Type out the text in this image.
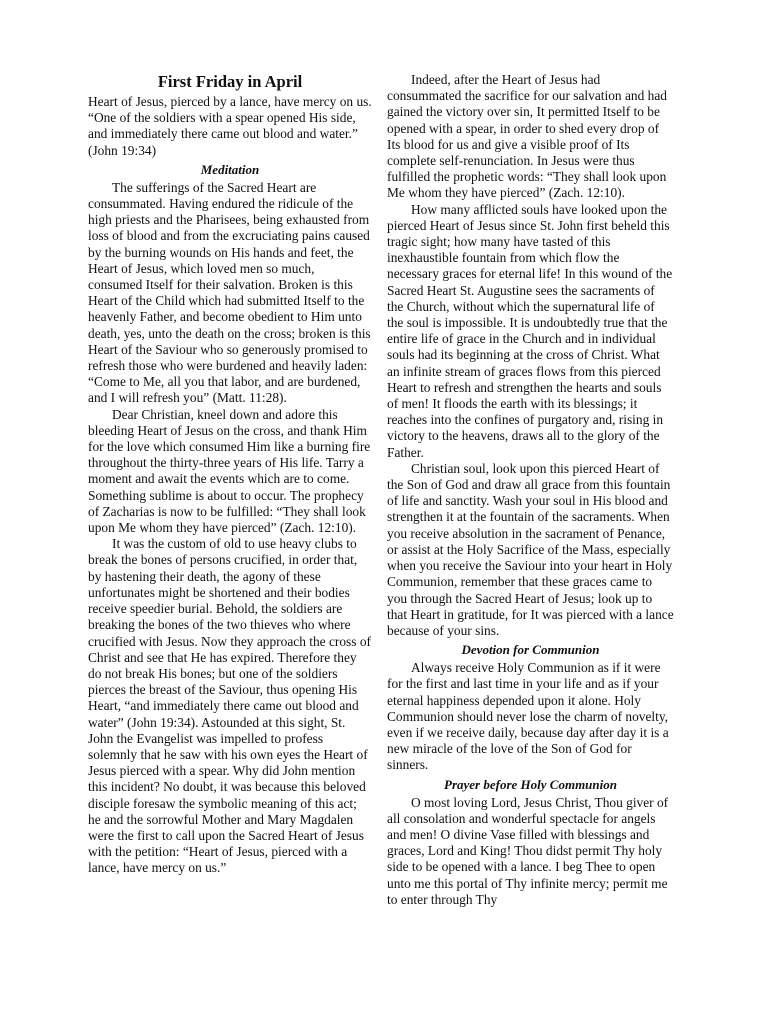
First Friday in April

Heart of Jesus, pierced by a lance, have mercy on us.

“One of the soldiers with a spear opened His side, and immediately there came out blood and water.” (John 19:34)

Meditation

The sufferings of the Sacred Heart are consummated. Having endured the ridicule of the high priests and the Pharisees, being exhausted from loss of blood and from the excruciating pains caused by the burning wounds on His hands and feet, the Heart of Jesus, which loved men so much, consumed Itself for their salvation. Broken is this Heart of the Child which had submitted Itself to the heavenly Father, and become obedient to Him unto death, yes, unto the death on the cross; broken is this Heart of the Saviour who so generously promised to refresh those who were burdened and heavily laden: “Come to Me, all you that labor, and are burdened, and I will refresh you” (Matt. 11:28).

Dear Christian, kneel down and adore this bleeding Heart of Jesus on the cross, and thank Him for the love which consumed Him like a burning fire throughout the thirty-three years of His life. Tarry a moment and await the events which are to come. Something sublime is about to occur. The prophecy of Zacharias is now to be fulfilled: “They shall look upon Me whom they have pierced” (Zach. 12:10).

It was the custom of old to use heavy clubs to break the bones of persons crucified, in order that, by hastening their death, the agony of these unfortunates might be shortened and their bodies receive speedier burial. Behold, the soldiers are breaking the bones of the two thieves who where crucified with Jesus. Now they approach the cross of Christ and see that He has expired. Therefore they do not break His bones; but one of the soldiers pierces the breast of the Saviour, thus opening His Heart, “and immediately there came out blood and water” (John 19:34). Astounded at this sight, St. John the Evangelist was impelled to profess solemnly that he saw with his own eyes the Heart of Jesus pierced with a spear. Why did John mention this incident? No doubt, it was because this beloved disciple foresaw the symbolic meaning of this act; he and the sorrowful Mother and Mary Magdalen were the first to call upon the Sacred Heart of Jesus with the petition: “Heart of Jesus, pierced with a lance, have mercy on us.”

Indeed, after the Heart of Jesus had consummated the sacrifice for our salvation and had gained the victory over sin, It permitted Itself to be opened with a spear, in order to shed every drop of Its blood for us and give a visible proof of Its complete self-renunciation. In Jesus were thus fulfilled the prophetic words: “They shall look upon Me whom they have pierced” (Zach. 12:10).

How many afflicted souls have looked upon the pierced Heart of Jesus since St. John first beheld this tragic sight; how many have tasted of this inexhaustible fountain from which flow the necessary graces for eternal life! In this wound of the Sacred Heart St. Augustine sees the sacraments of the Church, without which the supernatural life of the soul is impossible. It is undoubtedly true that the entire life of grace in the Church and in individual souls had its beginning at the cross of Christ. What an infinite stream of graces flows from this pierced Heart to refresh and strengthen the hearts and souls of men! It floods the earth with its blessings; it reaches into the confines of purgatory and, rising in victory to the heavens, draws all to the glory of the Father.

Christian soul, look upon this pierced Heart of the Son of God and draw all grace from this fountain of life and sanctity. Wash your soul in His blood and strengthen it at the fountain of the sacraments. When you receive absolution in the sacrament of Penance, or assist at the Holy Sacrifice of the Mass, especially when you receive the Saviour into your heart in Holy Communion, remember that these graces came to you through the Sacred Heart of Jesus; look up to that Heart in gratitude, for It was pierced with a lance because of your sins.

Devotion for Communion

Always receive Holy Communion as if it were for the first and last time in your life and as if your eternal happiness depended upon it alone. Holy Communion should never lose the charm of novelty, even if we receive daily, because day after day it is a new miracle of the love of the Son of God for sinners.

Prayer before Holy Communion

O most loving Lord, Jesus Christ, Thou giver of all consolation and wonderful spectacle for angels and men! O divine Vase filled with blessings and graces, Lord and King! Thou didst permit Thy holy side to be opened with a lance. I beg Thee to open unto me this portal of Thy infinite mercy; permit me to enter through Thy
